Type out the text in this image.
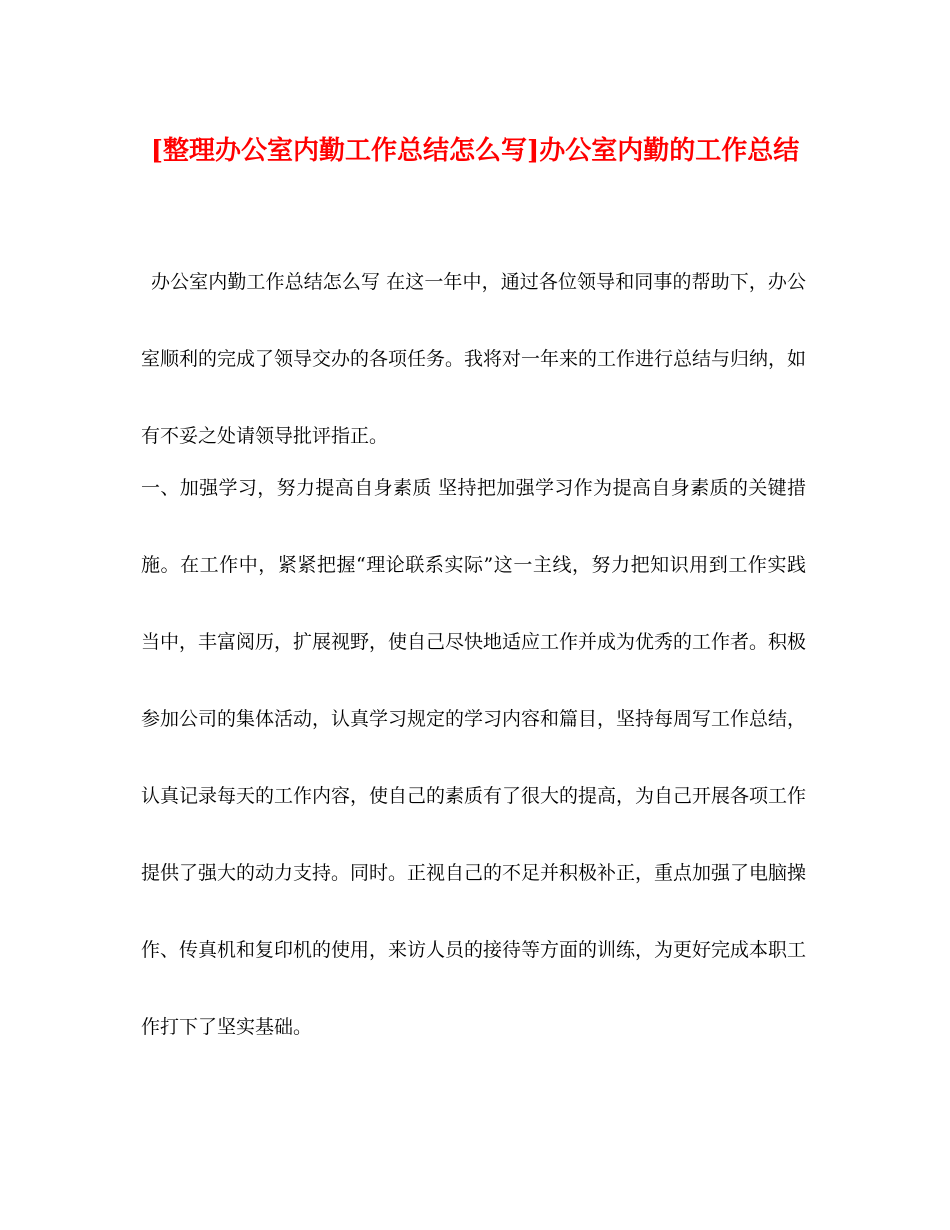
[整理办公室内勤工作总结怎么写]办公室内勤的工作总结

办公室内勤工作总结怎么写 在这一年中，通过各位领导和同事的帮助下，办公室顺利的完成了领导交办的各项任务。我将对一年来的工作进行总结与归纳，如有不妥之处请领导批评指正。

一、加强学习，努力提高自身素质 坚持把加强学习作为提高自身素质的关键措施。在工作中，紧紧把握“理论联系实际”这一主线，努力把知识用到工作实践当中，丰富阅历，扩展视野，使自己尽快地适应工作并成为优秀的工作者。积极参加公司的集体活动，认真学习规定的学习内容和篇目，坚持每周写工作总结，认真记录每天的工作内容，使自己的素质有了很大的提高，为自己开展各项工作提供了强大的动力支持。同时。正视自己的不足并积极补正，重点加强了电脑操作、传真机和复印机的使用，来访人员的接待等方面的训练，为更好完成本职工作打下了坚实基础。
